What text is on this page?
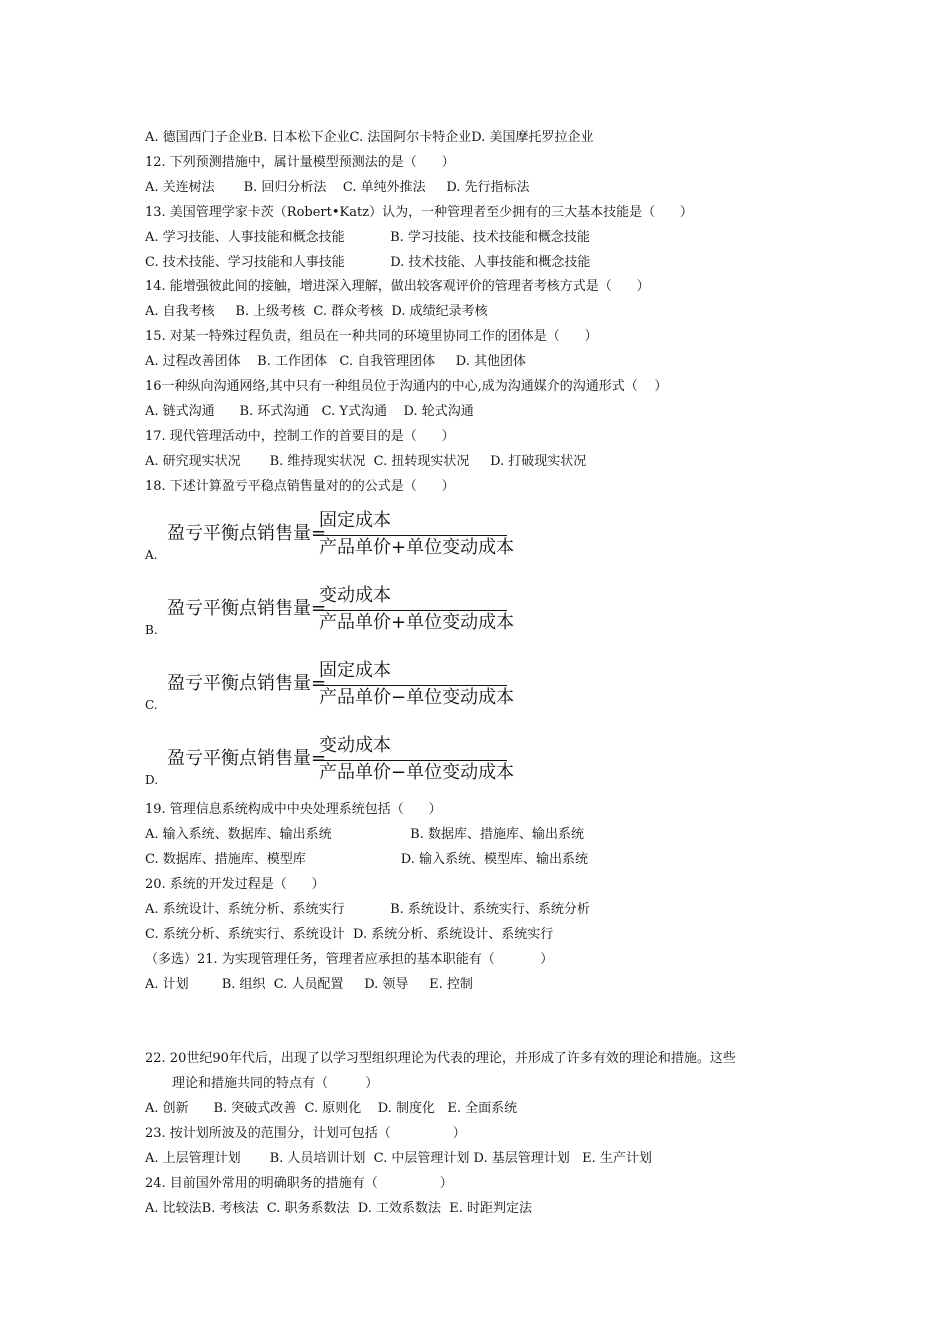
A. 德国西门子企业B. 日本松下企业C. 法国阿尔卡特企业D. 美国摩托罗拉企业
12. 下列预测措施中，属计量模型预测法的是（      ）
A. 关连树法       B. 回归分析法    C. 单纯外推法     D. 先行指标法
13. 美国管理学家卡茨（Robert•Katz）认为，一种管理者至少拥有的三大基本技能是（      ）
A. 学习技能、人事技能和概念技能           B. 学习技能、技术技能和概念技能
C. 技术技能、学习技能和人事技能           D. 技术技能、人事技能和概念技能
14. 能增强彼此间的接触，增进深入理解，做出较客观评价的管理者考核方式是（      ）
A. 自我考核     B. 上级考核  C. 群众考核  D. 成绩纪录考核
15. 对某一特殊过程负责，组员在一种共同的环境里协同工作的团体是（      ）
A. 过程改善团体    B. 工作团体   C. 自我管理团体     D. 其他团体
16一种纵向沟通网络,其中只有一种组员位于沟通内的中心,成为沟通媒介的沟通形式（    ）
A. 链式沟通      B. 环式沟通   C. Y式沟通    D. 轮式沟通
17. 现代管理活动中，控制工作的首要目的是（      ）
A. 研究现实状况       B. 维持现实状况  C. 扭转现实状况     D. 打破现实状况
18. 下述计算盈亏平稳点销售量对的的公式是（      ）
A.
盈亏平衡点销售量=
固定成本
产品单价+单位变动成本
B.
盈亏平衡点销售量=
变动成本
产品单价+单位变动成本
C.
盈亏平衡点销售量=
固定成本
产品单价−单位变动成本
D.
盈亏平衡点销售量=
变动成本
产品单价−单位变动成本
19. 管理信息系统构成中中央处理系统包括（      ）
A. 输入系统、数据库、输出系统                   B. 数据库、措施库、输出系统
C. 数据库、措施库、模型库                       D. 输入系统、模型库、输出系统
20. 系统的开发过程是（      ）
A. 系统设计、系统分析、系统实行           B. 系统设计、系统实行、系统分析
C. 系统分析、系统实行、系统设计  D. 系统分析、系统设计、系统实行
（多选）21. 为实现管理任务，管理者应承担的基本职能有（           ）
A. 计划        B. 组织  C. 人员配置     D. 领导     E. 控制
22. 20世纪90年代后，出现了以学习型组织理论为代表的理论，并形成了许多有效的理论和措施。这些
理论和措施共同的特点有（         ）
A. 创新      B. 突破式改善  C. 原则化    D. 制度化   E. 全面系统
23. 按计划所波及的范围分，计划可包括（               ）
A. 上层管理计划       B. 人员培训计划  C. 中层管理计划 D. 基层管理计划   E. 生产计划
24. 目前国外常用的明确职务的措施有（               ）
A. 比较法B. 考核法  C. 职务系数法  D. 工效系数法  E. 时距判定法
